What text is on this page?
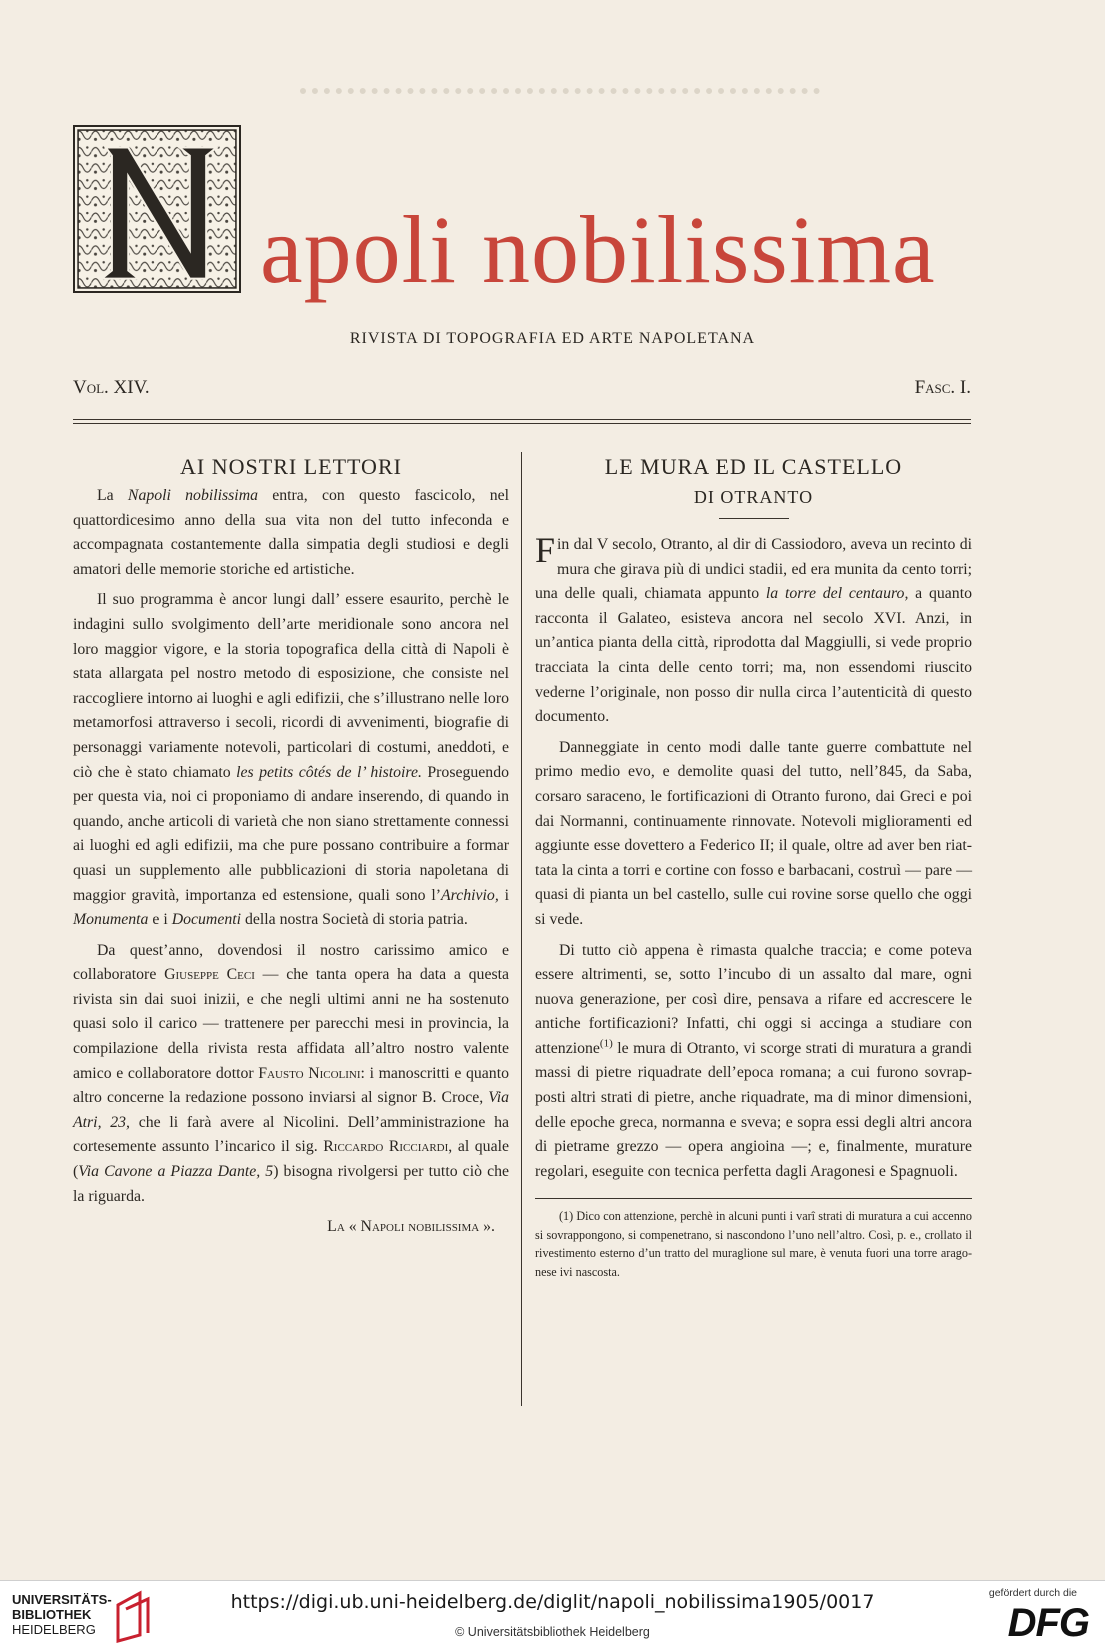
apoli nobilissima
RIVISTA DI TOPOGRAFIA ED ARTE NAPOLETANA
Vol. XIV.	Fasc. I.
AI NOSTRI LETTORI

La Napoli nobilissima entra, con questo fascicolo, nel quattordicesimo anno della sua vita non del tutto infeconda e accompagnata costantemente dalla simpatia degli studiosi e degli amatori delle memorie storiche ed artistiche.

Il suo programma è ancor lungi dall’ essere esaurito, perchè le indagini sullo svolgimento dell’arte meridionale sono ancora nel loro maggior vigore, e la storia topografica della città di Napoli è stata allargata pel nostro metodo di esposizione, che consiste nel raccogliere intorno ai luoghi e agli edifizii, che s’illustrano nelle loro metamorfosi attraverso i secoli, ricordi di avvenimenti, biografie di personaggi variamente notevoli, particolari di costumi, aneddoti, e ciò che è stato chiamato les petits côtés de l’ histoire. Proseguendo per questa via, noi ci proponiamo di andare inserendo, di quando in quando, anche articoli di varietà che non siano strettamente connessi ai luoghi ed agli edifizii, ma che pure possano contribuire a formar quasi un supplemento alle pubblicazioni di storia napoletana di maggior gravità, importanza ed estensione, quali sono l’Archivio, i Monumenta e i Documenti della nostra Società di storia patria.

Da quest’anno, dovendosi il nostro carissimo amico e collaboratore Giuseppe Ceci — che tanta opera ha data a questa rivista sin dai suoi inizii, e che negli ultimi anni ne ha sostenuto quasi solo il carico — trattenere per parecchi mesi in provincia, la compilazione della rivista resta affidata all’altro nostro valente amico e collaboratore dottor Fausto Nicolini: i manoscritti e quanto altro concerne la redazione possono inviarsi al signor B. Croce, Via Atri, 23, che li farà avere al Nicolini. Dell’amministrazione ha cortesemente assunto l’incarico il sig. Riccardo Ricciardi, al quale (Via Cavone a Piazza Dante, 5) bisogna rivolgersi per tutto ciò che la riguarda.

La « Napoli nobilissima ».

LE MURA ED IL CASTELLO
DI OTRANTO

Fin dal V secolo, Otranto, al dir di Cassiodoro, aveva un recinto di mura che girava più di undici stadii, ed era munita da cento torri; una delle quali, chiamata appunto la torre del centauro, a quanto racconta il Galateo, esisteva ancora nel secolo XVI. Anzi, in un’antica pianta della città, riprodotta dal Maggiulli, si vede proprio tracciata la cinta delle cento torri; ma, non essendomi riuscito vederne l’originale, non posso dir nulla circa l’autenticità di questo documento.

Danneggiate in cento modi dalle tante guerre combattute nel primo medio evo, e demolite quasi del tutto, nell’845, da Saba, corsaro saraceno, le fortificazioni di Otranto furono, dai Greci e poi dai Normanni, continuamente rinnovate. Notevoli miglioramenti ed aggiunte esse dovettero a Federico II; il quale, oltre ad aver ben riattata la cinta a torri e cortine con fosso e barbacani, costruì — pare — quasi di pianta un bel castello, sulle cui rovine sorse quello che oggi si vede.

Di tutto ciò appena è rimasta qualche traccia; e come poteva essere altrimenti, se, sotto l’incubo di un assalto dal mare, ogni nuova generazione, per così dire, pensava a rifare ed accrescere le antiche fortificazioni? Infatti, chi oggi si accinga a studiare con attenzione$^{(1)}$ le mura di Otranto, vi scorge strati di muratura a grandi massi di pietre riquadrate dell’epoca romana; a cui furono sovrapposti altri strati di pietre, anche riquadrate, ma di minor dimensioni, delle epoche greca, normanna e sveva; e sopra essi degli altri ancora di pietrame grezzo — opera angioina —; e, finalmente, murature regolari, eseguite con tecnica perfetta dagli Aragonesi e Spagnuoli.

(1) Dico con attenzione, perchè in alcuni punti i varî strati di muratura a cui accenno si sovrappongono, si compenetrano, si nascondono l’uno nell’altro. Così, p. e., crollato il rivestimento esterno d’un tratto del muraglione sul mare, è venuta fuori una torre aragonese ivi nascosta.

UNIVERSITÄTS-
BIBLIOTHEK
HEIDELBERG
https://digi.ub.uni-heidelberg.de/diglit/napoli_nobilissima1905/0017
© Universitätsbibliothek Heidelberg
gefördert durch die
DFG
